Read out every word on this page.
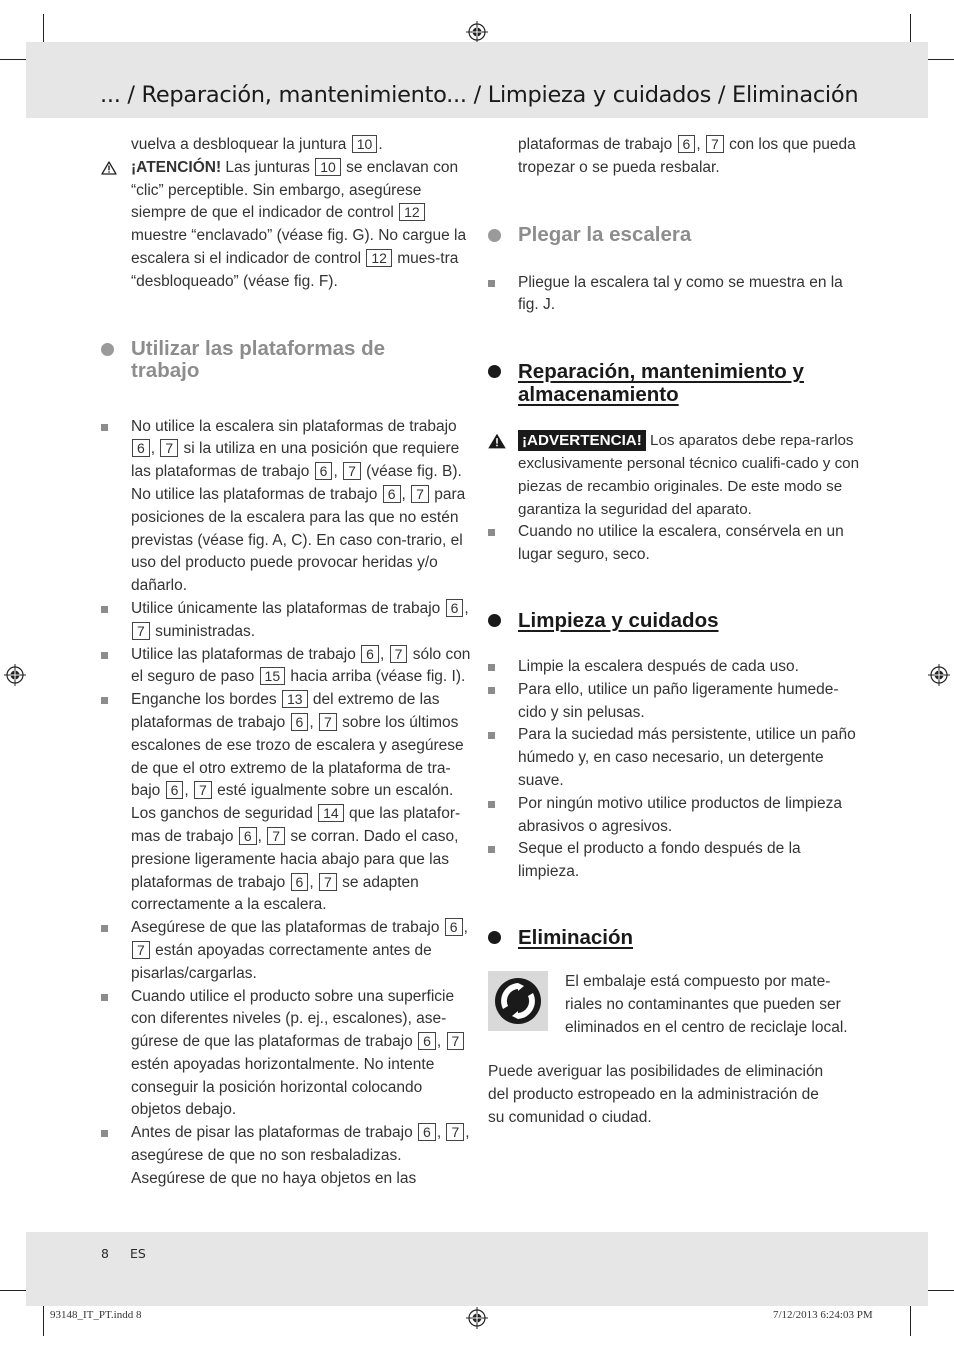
... / Reparación, mantenimiento... / Limpieza y cuidados / Eliminación
vuelva a desbloquear la juntura 10 .
¡ATENCIÓN! Las junturas 10 se enclavan con “clic” perceptible. Sin embargo, asegúrese siempre de que el indicador de control 12 muestre “enclavado” (véase fig. G). No cargue la escalera si el indicador de control 12 mues-tra “desbloqueado” (véase fig. F).
Utilizar las plataformas de trabajo
No utilice la escalera sin plataformas de trabajo 6 , 7 si la utiliza en una posición que requiere las plataformas de trabajo 6 , 7 (véase fig. B). No utilice las plataformas de trabajo 6 , 7 para posiciones de la escalera para las que no estén previstas (véase fig. A, C). En caso con-trario, el uso del producto puede provocar heridas y/o dañarlo.
Utilice únicamente las plataformas de trabajo 6 , 7 suministradas.
Utilice las plataformas de trabajo 6 , 7 sólo con el seguro de paso 15 hacia arriba (véase fig. I).
Enganche los bordes 13 del extremo de las plataformas de trabajo 6 , 7 sobre los últimos escalones de ese trozo de escalera y asegúrese de que el otro extremo de la plataforma de tra-bajo 6 , 7 esté igualmente sobre un escalón. Los ganchos de seguridad 14 que las platafor-mas de trabajo 6 , 7 se corran. Dado el caso, presione ligeramente hacia abajo para que las plataformas de trabajo 6 , 7 se adapten correctamente a la escalera.
Asegúrese de que las plataformas de trabajo 6 , 7 están apoyadas correctamente antes de pisarlas/cargarlas.
Cuando utilice el producto sobre una superficie con diferentes niveles (p. ej., escalones), ase-gúrese de que las plataformas de trabajo 6 , 7 estén apoyadas horizontalmente. No intente conseguir la posición horizontal colocando objetos debajo.
Antes de pisar las plataformas de trabajo 6 , 7 , asegúrese de que no son resbaladizas. Asegúrese de que no haya objetos en las
plataformas de trabajo 6 , 7 con los que pueda tropezar o se pueda resbalar.
Plegar la escalera
Pliegue la escalera tal y como se muestra en la fig. J.
Reparación, mantenimiento y almacenamiento
¡ADVERTENCIA! Los aparatos debe repa-rarlos exclusivamente personal técnico cualifi-cado y con piezas de recambio originales. De este modo se garantiza la seguridad del aparato.
Cuando no utilice la escalera, consérvela en un lugar seguro, seco.
Limpieza y cuidados
Limpie la escalera después de cada uso.
Para ello, utilice un paño ligeramente humede-cido y sin pelusas.
Para la suciedad más persistente, utilice un paño húmedo y, en caso necesario, un detergente suave.
Por ningún motivo utilice productos de limpieza abrasivos o agresivos.
Seque el producto a fondo después de la limpieza.
Eliminación
El embalaje está compuesto por mate-riales no contaminantes que pueden ser eliminados en el centro de reciclaje local.
Puede averiguar las posibilidades de eliminación del producto estropeado en la administración de su comunidad o ciudad.
8 ES
93148_IT_PT.indd 8	7/12/2013 6:24:03 PM
